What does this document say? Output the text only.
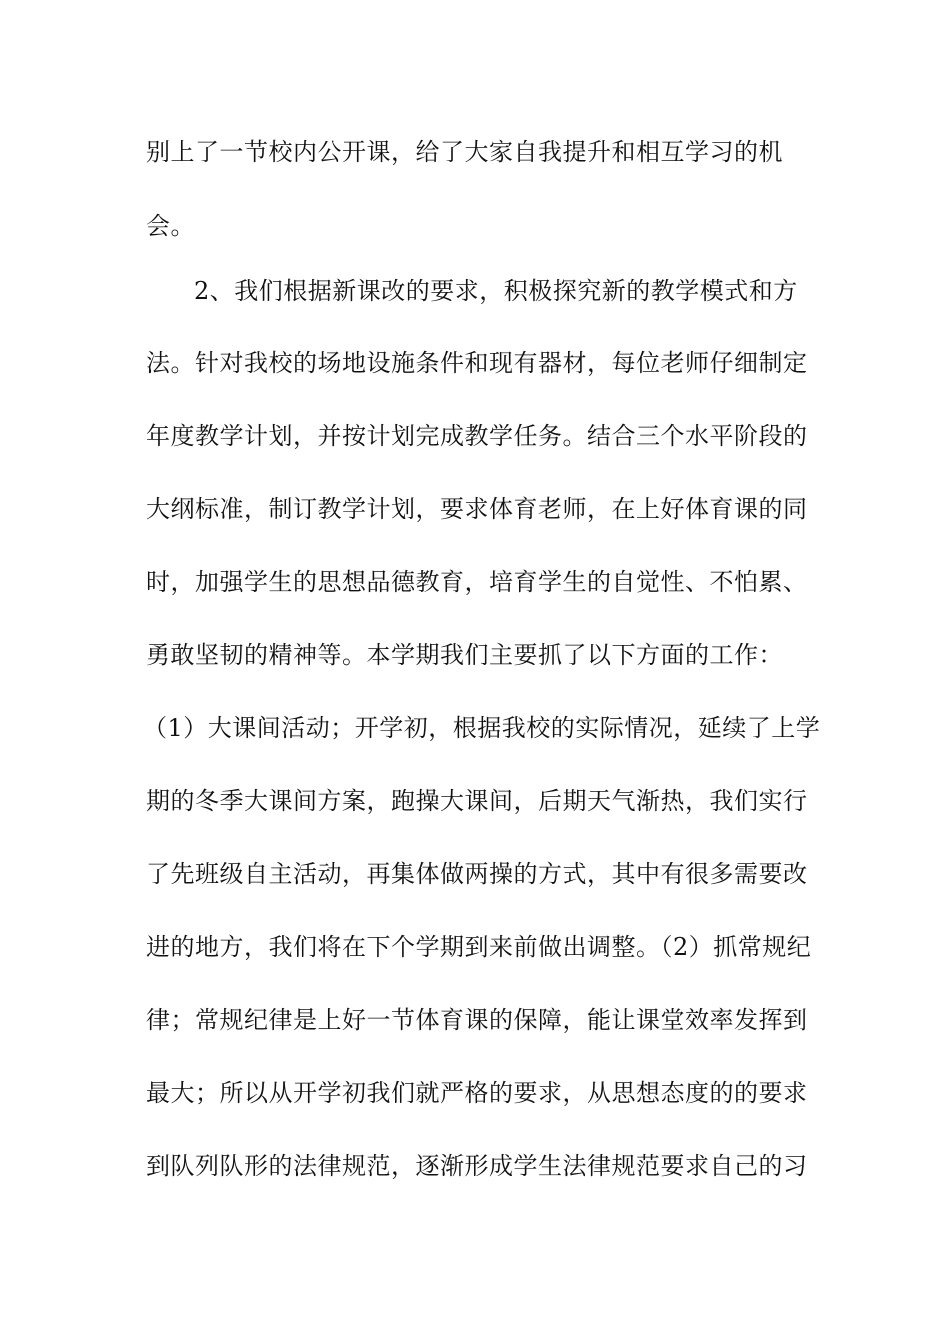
别上了一节校内公开课，给了大家自我提升和相互学习的机
会。
2、我们根据新课改的要求，积极探究新的教学模式和方
法。针对我校的场地设施条件和现有器材，每位老师仔细制定
年度教学计划，并按计划完成教学任务。结合三个水平阶段的
大纲标准，制订教学计划，要求体育老师，在上好体育课的同
时，加强学生的思想品德教育，培育学生的自觉性、不怕累、
勇敢坚韧的精神等。本学期我们主要抓了以下方面的工作：
（1）大课间活动；开学初，根据我校的实际情况，延续了上学
期的冬季大课间方案，跑操大课间，后期天气渐热，我们实行
了先班级自主活动，再集体做两操的方式，其中有很多需要改
进的地方，我们将在下个学期到来前做出调整。（2）抓常规纪
律；常规纪律是上好一节体育课的保障，能让课堂效率发挥到
最大；所以从开学初我们就严格的要求，从思想态度的的要求
到队列队形的法律规范，逐渐形成学生法律规范要求自己的习
